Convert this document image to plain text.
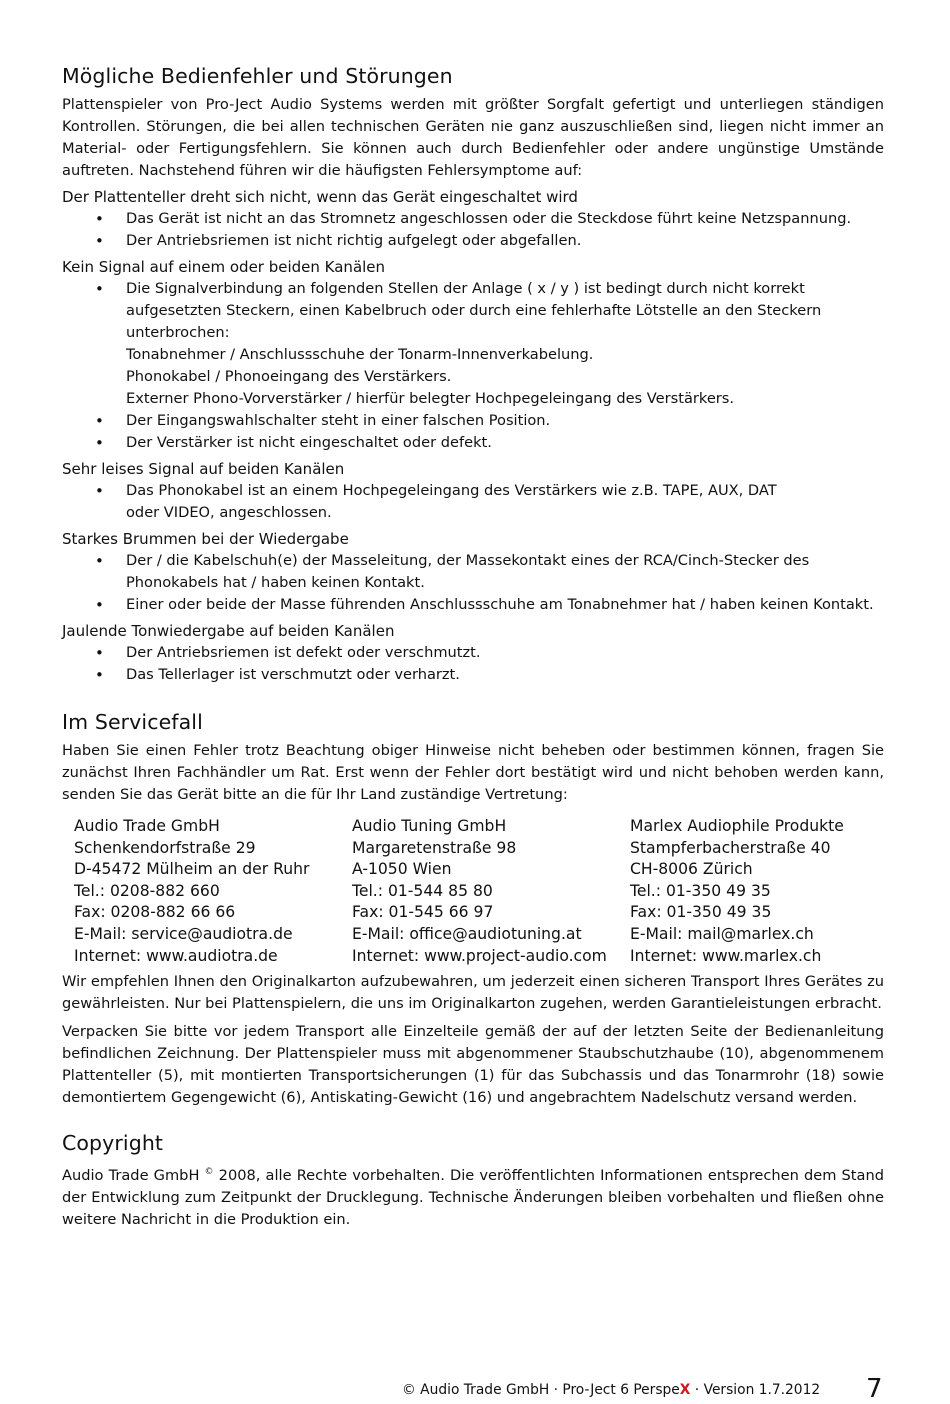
Mögliche Bedienfehler und Störungen

Plattenspieler von Pro-Ject Audio Systems werden mit größter Sorgfalt gefertigt und unterliegen ständigen Kontrollen. Störungen, die bei allen technischen Geräten nie ganz auszuschließen sind, liegen nicht immer an Material- oder Fertigungsfehlern. Sie können auch durch Bedienfehler oder andere ungünstige Umstände auftreten. Nachstehend führen wir die häufigsten Fehlersymptome auf:

Der Plattenteller dreht sich nicht, wenn das Gerät eingeschaltet wird
• Das Gerät ist nicht an das Stromnetz angeschlossen oder die Steckdose führt keine Netzspannung.
• Der Antriebsriemen ist nicht richtig aufgelegt oder abgefallen.
Kein Signal auf einem oder beiden Kanälen
• Die Signalverbindung an folgenden Stellen der Anlage ( x / y ) ist bedingt durch nicht korrekt
aufgesetzten Steckern, einen Kabelbruch oder durch eine fehlerhafte Lötstelle an den Steckern
unterbrochen:
Tonabnehmer / Anschlussschuhe der Tonarm-Innenverkabelung.
Phonokabel / Phonoeingang des Verstärkers.
Externer Phono-Vorverstärker / hierfür belegter Hochpegeleingang des Verstärkers.
• Der Eingangswahlschalter steht in einer falschen Position.
• Der Verstärker ist nicht eingeschaltet oder defekt.
Sehr leises Signal auf beiden Kanälen
• Das Phonokabel ist an einem Hochpegeleingang des Verstärkers wie z.B. TAPE, AUX, DAT
oder VIDEO, angeschlossen.
Starkes Brummen bei der Wiedergabe
• Der / die Kabelschuh(e) der Masseleitung, der Massekontakt eines der RCA/Cinch-Stecker des
Phonokabels hat / haben keinen Kontakt.
• Einer oder beide der Masse führenden Anschlussschuhe am Tonabnehmer hat / haben keinen Kontakt.
Jaulende Tonwiedergabe auf beiden Kanälen
• Der Antriebsriemen ist defekt oder verschmutzt.
• Das Tellerlager ist verschmutzt oder verharzt.
Im Servicefall

Haben Sie einen Fehler trotz Beachtung obiger Hinweise nicht beheben oder bestimmen können, fragen Sie zunächst Ihren Fachhändler um Rat. Erst wenn der Fehler dort bestätigt wird und nicht behoben werden kann, senden Sie das Gerät bitte an die für Ihr Land zuständige Vertretung:

Audio Trade GmbH
Schenkendorfstraße 29
D-45472 Mülheim an der Ruhr
Tel.: 0208-882 660
Fax: 0208-882 66 66
E-Mail: service@audiotra.de
Internet: www.audiotra.de
Audio Tuning GmbH
Margaretenstraße 98
A-1050 Wien
Tel.: 01-544 85 80
Fax: 01-545 66 97
E-Mail: office@audiotuning.at
Internet: www.project-audio.com
Marlex Audiophile Produkte
Stampferbacherstraße 40
CH-8006 Zürich
Tel.: 01-350 49 35
Fax: 01-350 49 35
E-Mail: mail@marlex.ch
Internet: www.marlex.ch

Wir empfehlen Ihnen den Originalkarton aufzubewahren, um jederzeit einen sicheren Transport Ihres Gerätes zu gewährleisten. Nur bei Plattenspielern, die uns im Originalkarton zugehen, werden Garantieleistungen erbracht.

Verpacken Sie bitte vor jedem Transport alle Einzelteile gemäß der auf der letzten Seite der Bedienanleitung befindlichen Zeichnung. Der Plattenspieler muss mit abgenommener Staubschutzhaube (10), abgenommenem Plattenteller (5), mit montierten Transportsicherungen (1) für das Subchassis und das Tonarmrohr (18) sowie demontiertem Gegengewicht (6), Antiskating-Gewicht (16) und angebrachtem Nadelschutz versand werden.

Copyright

Audio Trade GmbH © 2008, alle Rechte vorbehalten. Die veröffentlichten Informationen entsprechen dem Stand der Entwicklung zum Zeitpunkt der Drucklegung. Technische Änderungen bleiben vorbehalten und fließen ohne weitere Nachricht in die Produktion ein.

© Audio Trade GmbH · Pro-Ject 6 PerspeX · Version 1.7.2012 7
